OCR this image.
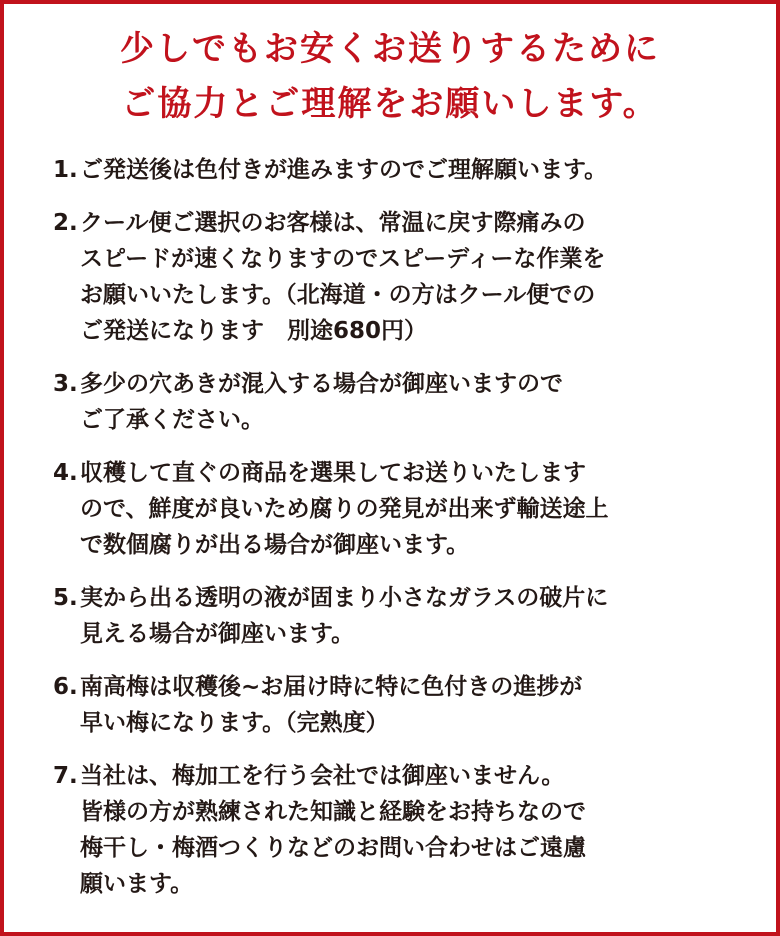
少しでもお安くお送りするために
ご協力とご理解をお願いします。
1. ご発送後は色付きが進みますのでご理解願います。
2. クール便ご選択のお客様は、常温に戻す際痛みの
スピードが速くなりますのでスピーディーな作業を
お願いいたします。（北海道・の方はクール便での
ご発送になります　別途680円）
3. 多少の穴あきが混入する場合が御座いますので
ご了承ください。
4. 収穫して直ぐの商品を選果してお送りいたします
ので、鮮度が良いため腐りの発見が出来ず輸送途上
で数個腐りが出る場合が御座います。
5. 実から出る透明の液が固まり小さなガラスの破片に
見える場合が御座います。
6. 南高梅は収穫後~お届け時に特に色付きの進捗が
早い梅になります。（完熟度）
7. 当社は、梅加工を行う会社では御座いません。
皆様の方が熟練された知識と経験をお持ちなので
梅干し・梅酒つくりなどのお問い合わせはご遠慮
願います。
